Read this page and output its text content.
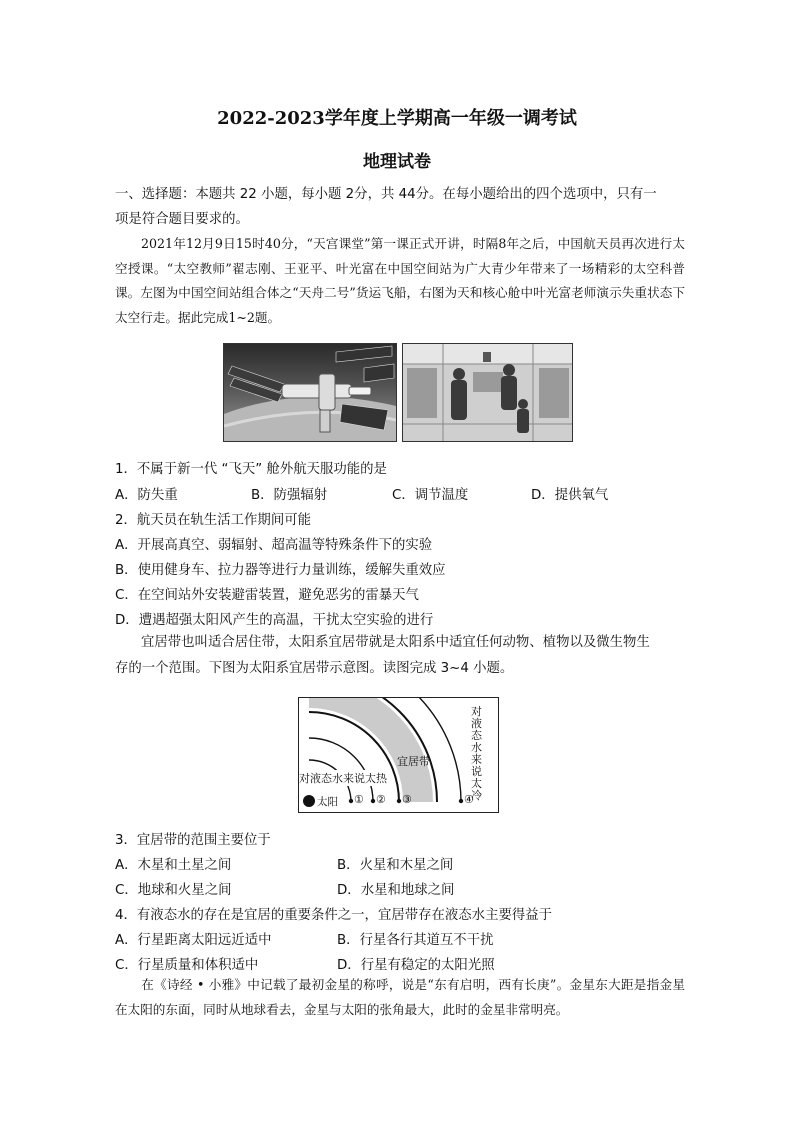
2022-2023学年度上学期高一年级一调考试
地理试卷
一、选择题：本题共 22 小题，每小题 2分，共 44分。在每小题给出的四个选项中，只有一
项是符合题目要求的。
2021年12月9日15时40分，“天宫课堂”第一课正式开讲，时隔8年之后，中国航天员再次进行太空授课。“太空教师”翟志刚、王亚平、叶光富在中国空间站为广大青少年带来了一场精彩的太空科普课。左图为中国空间站组合体之“天舟二号”货运飞船，右图为天和核心舱中叶光富老师演示失重状态下太空行走。据此完成1~2题。
1．不属于新一代 “飞天” 舱外航天服功能的是
A．防失重	B．防强辐射	C．调节温度	D．提供氧气
2．航天员在轨生活工作期间可能
A．开展高真空、弱辐射、超高温等特殊条件下的实验
B．使用健身车、拉力器等进行力量训练，缓解失重效应
C．在空间站外安装避雷装置，避免恶劣的雷暴天气
D．遭遇超强太阳风产生的高温，干扰太空实验的进行
宜居带也叫适合居住带，太阳系宜居带就是太阳系中适宜任何动物、植物以及微生物生
存的一个范围。下图为太阳系宜居带示意图。读图完成 3~4 小题。
对液态水来说太热
宜居带
对液态水来说太冷
太阳 ① ② ③	④
3．宜居带的范围主要位于
A．木星和土星之间	B．火星和木星之间
C．地球和火星之间	D．水星和地球之间
4．有液态水的存在是宜居的重要条件之一，宜居带存在液态水主要得益于
A．行星距离太阳远近适中	B．行星各行其道互不干扰
C．行星质量和体积适中	D．行星有稳定的太阳光照
在《诗经 • 小雅》中记载了最初金星的称呼，说是“东有启明，西有长庚”。金星东大距是指金星在太阳的东面，同时从地球看去，金星与太阳的张角最大，此时的金星非常明亮。
